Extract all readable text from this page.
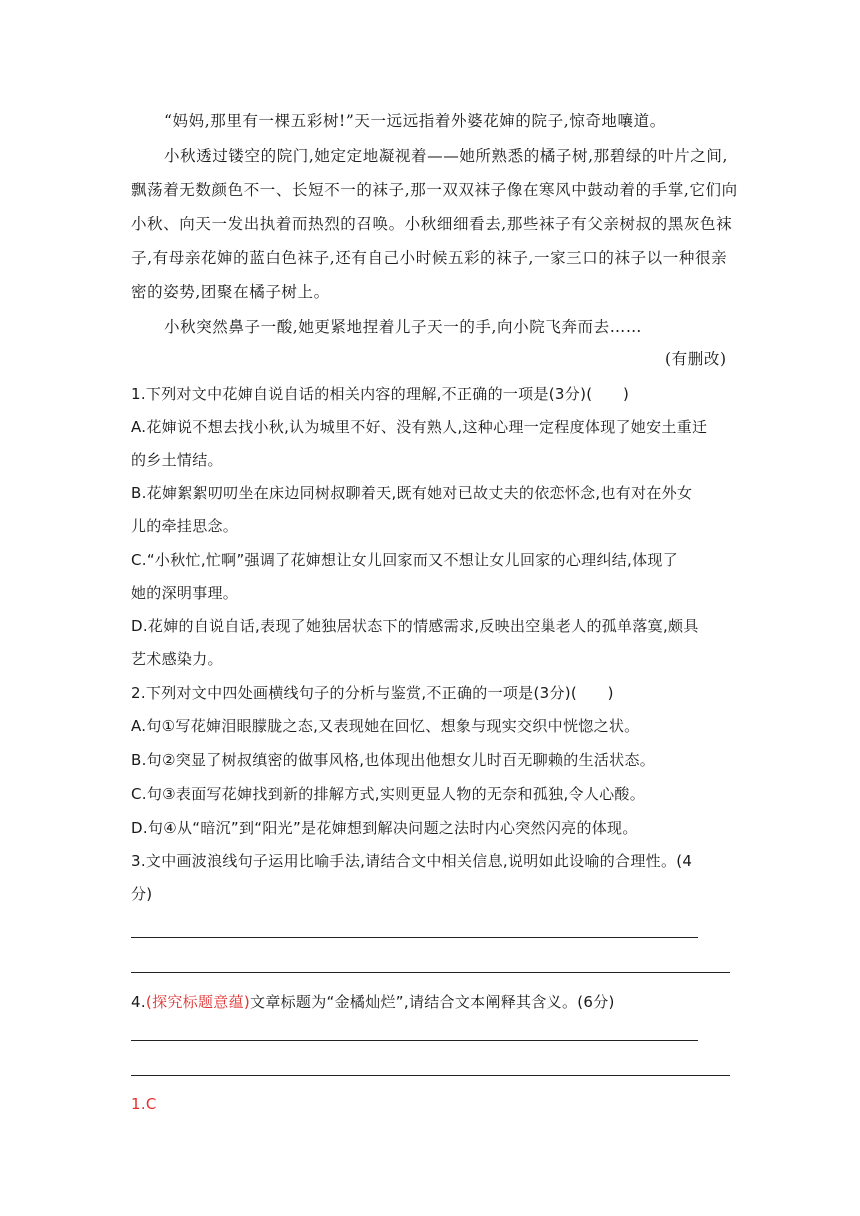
“妈妈,那里有一棵五彩树!”天一远远指着外婆花婶的院子,惊奇地嚷道。
小秋透过镂空的院门,她定定地凝视着——她所熟悉的橘子树,那碧绿的叶片之间,
飘荡着无数颜色不一、长短不一的袜子,那一双双袜子像在寒风中鼓动着的手掌,它们向
小秋、向天一发出执着而热烈的召唤。小秋细细看去,那些袜子有父亲树叔的黑灰色袜
子,有母亲花婶的蓝白色袜子,还有自己小时候五彩的袜子,一家三口的袜子以一种很亲
密的姿势,团聚在橘子树上。
小秋突然鼻子一酸,她更紧地捏着儿子天一的手,向小院飞奔而去……
(有删改)
1.下列对文中花婶自说自话的相关内容的理解,不正确的一项是(3分)(　　)
A.花婶说不想去找小秋,认为城里不好、没有熟人,这种心理一定程度体现了她安土重迁
的乡土情结。
B.花婶絮絮叨叨坐在床边同树叔聊着天,既有她对已故丈夫的依恋怀念,也有对在外女
儿的牵挂思念。
C.“小秋忙,忙啊”强调了花婶想让女儿回家而又不想让女儿回家的心理纠结,体现了
她的深明事理。
D.花婶的自说自话,表现了她独居状态下的情感需求,反映出空巢老人的孤单落寞,颇具
艺术感染力。
2.下列对文中四处画横线句子的分析与鉴赏,不正确的一项是(3分)(　　)
A.句①写花婶泪眼朦胧之态,又表现她在回忆、想象与现实交织中恍惚之状。
B.句②突显了树叔缜密的做事风格,也体现出他想女儿时百无聊赖的生活状态。
C.句③表面写花婶找到新的排解方式,实则更显人物的无奈和孤独,令人心酸。
D.句④从“暗沉”到“阳光”是花婶想到解决问题之法时内心突然闪亮的体现。
3.文中画波浪线句子运用比喻手法,请结合文中相关信息,说明如此设喻的合理性。(4
分)
4.(探究标题意蕴)文章标题为“金橘灿烂”,请结合文本阐释其含义。(6分)
1.C
